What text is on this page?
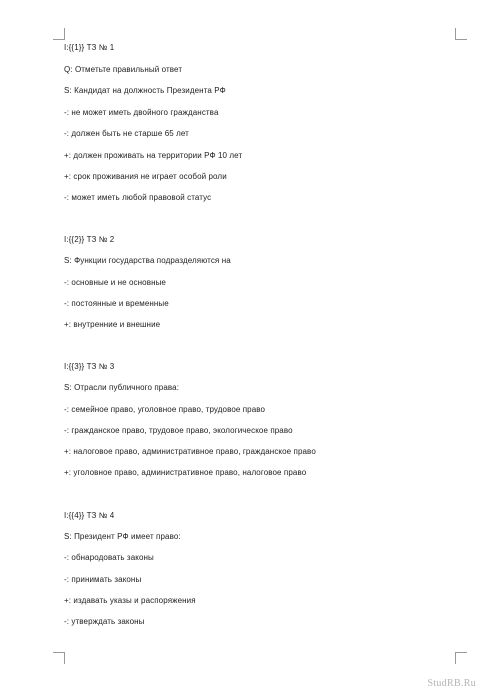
I:{{1}} ТЗ № 1
Q: Отметьте правильный ответ
S: Кандидат на должность Президента РФ
-: не может иметь двойного гражданства
-: должен быть не старше 65 лет
+: должен проживать на территории РФ 10 лет
+: срок проживания не играет особой роли
-: может иметь любой правовой статус
I:{{2}} ТЗ № 2
S: Функции государства подразделяются на
-: основные и не основные
-: постоянные и временные
+: внутренние и внешние
I:{{3}} ТЗ № 3
S: Отрасли публичного права:
-: семейное право, уголовное право, трудовое право
-: гражданское право, трудовое право, экологическое право
+: налоговое право, административное право, гражданское право
+: уголовное право, административное право, налоговое право
I:{{4}} ТЗ № 4
S: Президент РФ имеет право:
-: обнародовать законы
-: принимать законы
+: издавать указы и распоряжения
-: утверждать законы
StudRB.Ru
